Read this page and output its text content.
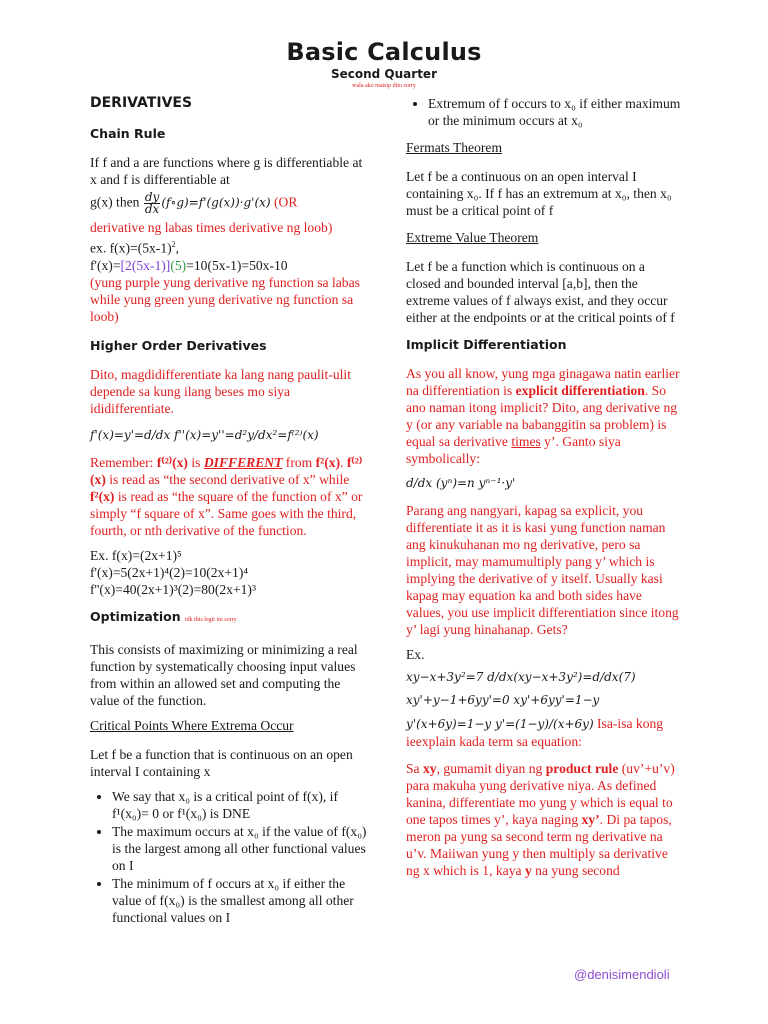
Basic Calculus
Second Quarter
wala ako maisip dito sorry
DERIVATIVES
Chain Rule

If f and a are functions where g is differentiable at x and f is differentiable at

g(x) then $\frac{dy}{dx}$ (f∘g)=f'(g(x))·g'(x) (OR
derivative ng labas times derivative ng loob)
ex. $f(x)=(5x-1)^2$,
f'(x)=[2(5x-1)](5)=10(5x-1)=50x-10

(yung purple yung derivative ng function sa labas while yung green yung derivative ng function sa loob)

Higher Order Derivatives

Dito, magdidifferentiate ka lang nang paulit-ulit depende sa kung ilang beses mo siya ididifferentiate.

f'(x)=y'=d/dx f''(x)=y''=d²y/dx²=f⁽²⁾(x)

Remember: f⁽²⁾(x) is DIFFERENT from f²(x). f⁽²⁾(x) is read as “the second derivative of x” while f²(x) is read as “the square of the function of x” or simply “f square of x”. Same goes with the third, fourth, or nth derivative of the function.

Ex. f(x)=(2x+1)⁵
f'(x)=5(2x+1)⁴(2)=10(2x+1)⁴
f''(x)=40(2x+1)³(2)=80(2x+1)³
Optimization idk this legit im sorry

This consists of maximizing or minimizing a real function by systematically choosing input values from within an allowed set and computing the value of the function.

Critical Points Where Extrema Occur

Let f be a function that is continuous on an open interval I containing x

• We say that x₀ is a critical point of f(x), if f¹(x₀)= 0 or f¹(x₀) is DNE
• The maximum occurs at x₀ if the value of f(x₀) is the largest among all other functional values on I
• The minimum of f occurs at x₀ if either the value of f(x₀) is the smallest among all other functional values on I
• Extremum of f occurs to x₀ if either maximum or the minimum occurs at x₀
Fermats Theorem

Let f be a continuous on an open interval I containing x₀. If f has an extremum at x₀, then x₀ must be a critical point of f

Extreme Value Theorem

Let f be a function which is continuous on a closed and bounded interval [a,b], then the extreme values of f always exist, and they occur either at the endpoints or at the critical points of f

Implicit Differentiation

As you all know, yung mga ginagawa natin earlier na differentiation is explicit differentiation. So ano naman itong implicit? Dito, ang derivative ng y (or any variable na babanggitin sa problem) is equal sa derivative times y’. Ganto siya symbolically:

d/dx (yⁿ)=n yⁿ⁻¹·y'

Parang ang nangyari, kapag sa explicit, you differentiate it as it is kasi yung function naman ang kinukuhanan mo ng derivative, pero sa implicit, may mamumultiply pang y’ which is implying the derivative of y itself. Usually kasi kapag may equation ka and both sides have values, you use implicit differentiation since itong y’ lagi yung hinahanap. Gets?

Ex.
xy−x+3y²=7 d/dx(xy−x+3y²)=d/dx(7)
xy'+y−1+6yy'=0 xy'+6yy'=1−y
y'(x+6y)=1−y y'=(1−y)/(x+6y) Isa-isa kong

ieexplain kada term sa equation:

Sa xy, gumamit diyan ng product rule (uv’+u’v) para makuha yung derivative niya. As defined kanina, differentiate mo yung y which is equal to one tapos times y’, kaya naging xy’. Di pa tapos, meron pa yung sa second term ng derivative na u’v. Maiiwan yung y then multiply sa derivative ng x which is 1, kaya y na yung second

@denisimendioli
